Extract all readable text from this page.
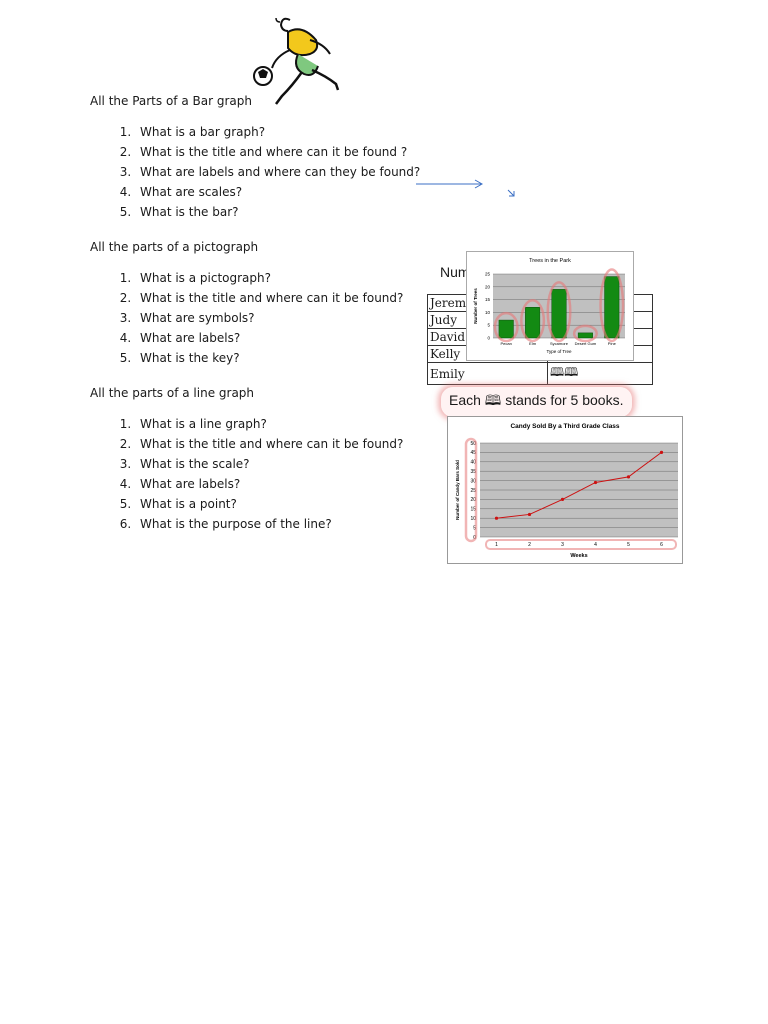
All the Parts of a Bar graph

1. What is a bar graph?
2. What is the title and where can it be found ?
3. What are labels and where can they be found?
4. What are scales?
5. What is the bar?

All the parts of a pictograph

1. What is a pictograph?
2. What is the title and where can it be found?
3. What are symbols?
4. What are labels?
5. What is the key?

All the parts of a line graph

1. What is a line graph?
2. What is the title and where can it be found?
3. What is the scale?
4. What are labels?
5. What is a point?
6. What is the purpose of the line?
Num
Jeremy	
Judy	
David	
Kelly	
Emily	🕮🕮
Each 🕮 stands for 5 books.
Trees in the Park
0
5
10
15
20
25
Pecan	Elm	Sycamore Desert Gum	Pine
Type of Tree
Number of Trees
Candy Sold By a Third Grade Class
0
5
10
15
20
25
30
35
40
45
50
1	2	3	4	5	6
Weeks
Number of Candy Bars Sold
